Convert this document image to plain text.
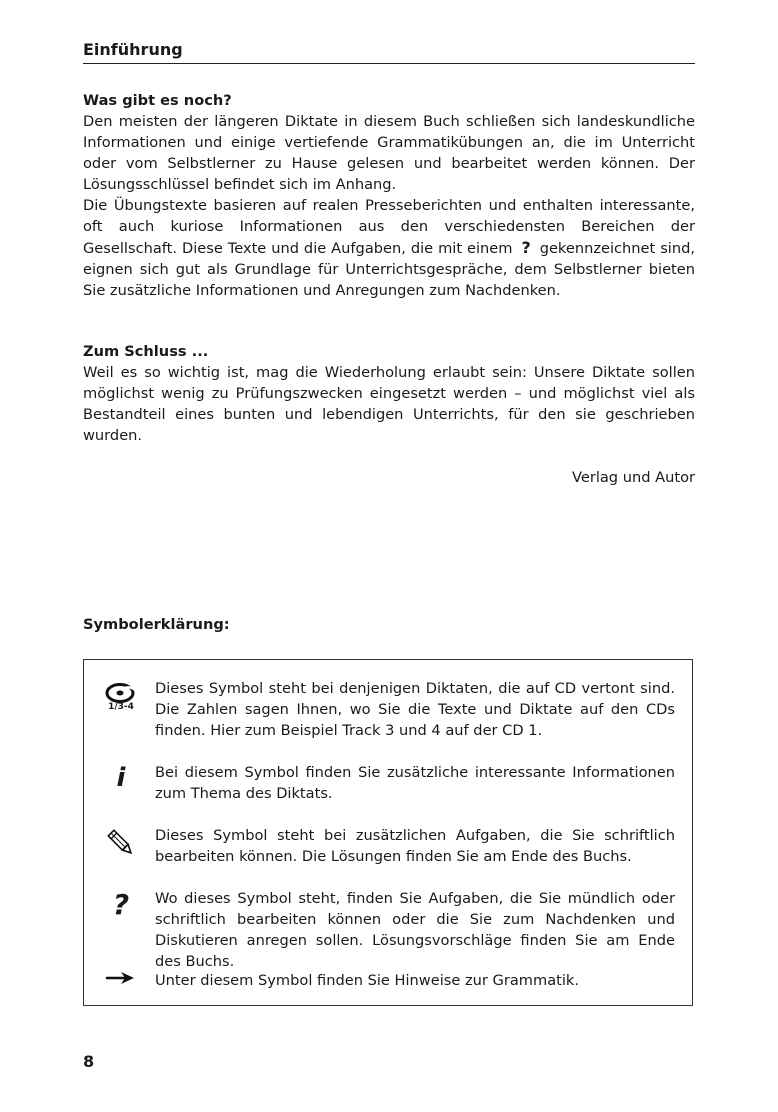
Einführung
Was gibt es noch?

Den meisten der längeren Diktate in diesem Buch schließen sich landeskundliche Informationen und einige vertiefende Grammatikübungen an, die im Unterricht oder vom Selbstlerner zu Hause gelesen und bearbeitet werden können. Der Lösungsschlüssel befindet sich im Anhang.

Die Übungstexte basieren auf realen Presseberichten und enthalten interessante, oft auch kuriose Informationen aus den verschiedensten Bereichen der Gesellschaft. Diese Texte und die Aufgaben, die mit einem ? gekennzeichnet sind, eignen sich gut als Grundlage für Unterrichtsgespräche, dem Selbstlerner bieten Sie zusätzliche Informationen und Anregungen zum Nachdenken.

Zum Schluss ...

Weil es so wichtig ist, mag die Wiederholung erlaubt sein: Unsere Diktate sollen möglichst wenig zu Prüfungszwecken eingesetzt werden – und möglichst viel als Bestandteil eines bunten und lebendigen Unterrichts, für den sie geschrieben wurden.

Verlag und Autor
Symbolerklärung:
1/3-4
Dieses Symbol steht bei denjenigen Diktaten, die auf CD vertont sind. Die Zahlen sagen Ihnen, wo Sie die Texte und Diktate auf den CDs finden. Hier zum Beispiel Track 3 und 4 auf der CD 1.
i	Bei diesem Symbol finden Sie zusätzliche interessante Informationen zum Thema des Diktats.
Dieses Symbol steht bei zusätzlichen Aufgaben, die Sie schriftlich bearbeiten können. Die Lösungen finden Sie am Ende des Buchs.
?	Wo dieses Symbol steht, finden Sie Aufgaben, die Sie mündlich oder schriftlich bearbeiten können oder die Sie zum Nachdenken und Diskutieren anregen sollen. Lösungsvorschläge finden Sie am Ende des Buchs.
Unter diesem Symbol finden Sie Hinweise zur Grammatik.
8
